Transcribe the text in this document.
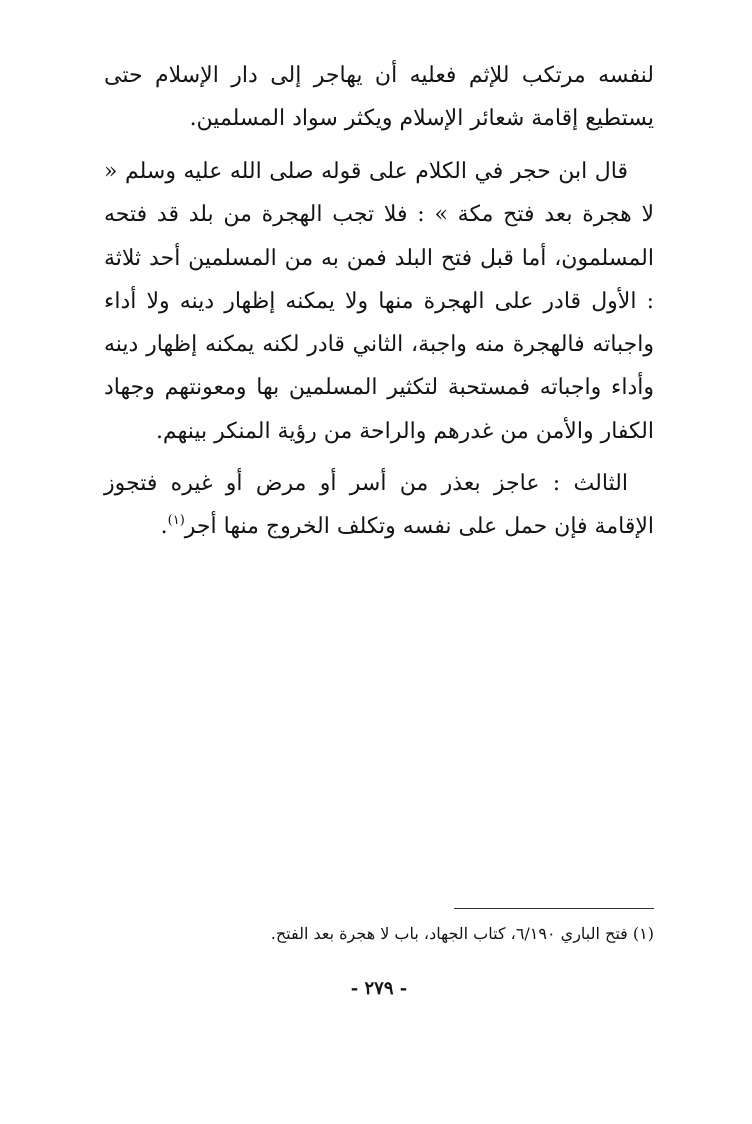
لنفسه مرتكب للإثم فعليه أن يهاجر إلى دار الإسلام حتى يستطيع إقامة شعائر الإسلام ويكثر سواد المسلمين.

قال ابن حجر في الكلام على قوله صلى الله عليه وسلم « لا هجرة بعد فتح مكة » : فلا تجب الهجرة من بلد قد فتحه المسلمون، أما قبل فتح البلد فمن به من المسلمين أحد ثلاثة : الأول قادر على الهجرة منها ولا يمكنه إظهار دينه ولا أداء واجباته فالهجرة منه واجبة، الثاني قادر لكنه يمكنه إظهار دينه وأداء واجباته فمستحبة لتكثير المسلمين بها ومعونتهم وجهاد الكفار والأمن من غدرهم والراحة من رؤية المنكر بينهم.

الثالث : عاجز بعذر من أسر أو مرض أو غيره فتجوز الإقامة فإن حمل على نفسه وتكلف الخروج منها أجر$^{(١)}$.

(١) فتح الباري ٦/١٩٠، كتاب الجهاد، باب لا هجرة بعد الفتح.
- ٢٧٩ -
